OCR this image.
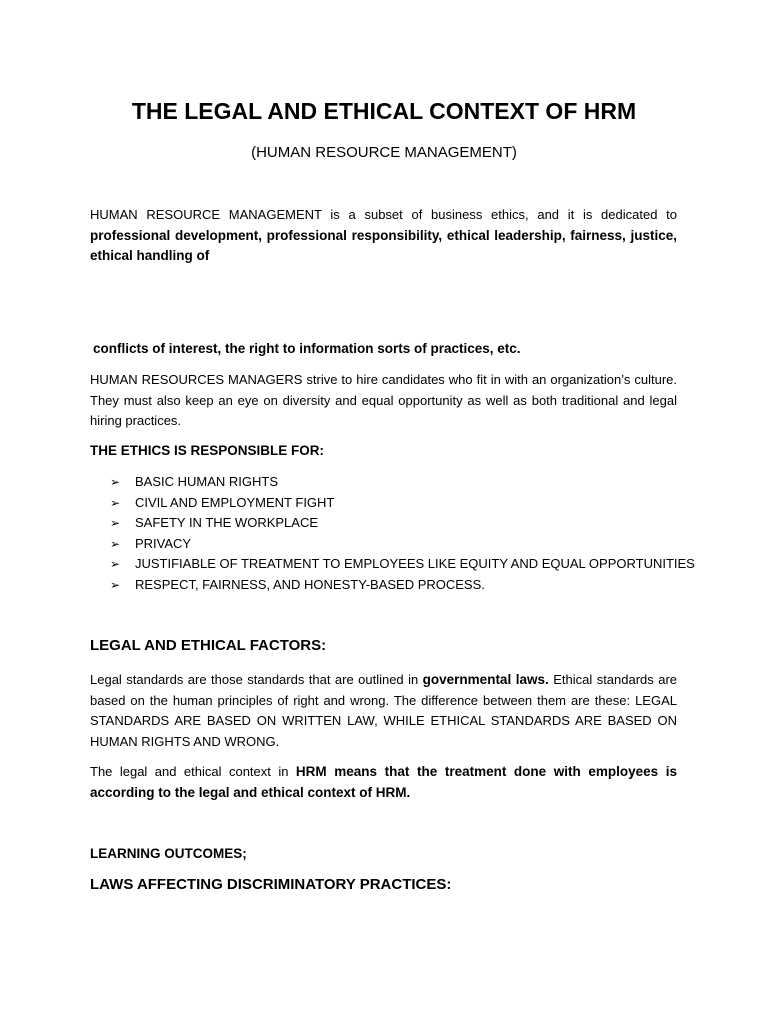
THE LEGAL AND ETHICAL CONTEXT OF HRM

(HUMAN RESOURCE MANAGEMENT)

HUMAN RESOURCE MANAGEMENT is a subset of business ethics, and it is dedicated to professional development, professional responsibility, ethical leadership, fairness, justice, ethical handling of

conflicts of interest, the right to information sorts of practices, etc.

HUMAN RESOURCES MANAGERS strive to hire candidates who fit in with an organization’s culture. They must also keep an eye on diversity and equal opportunity as well as both traditional and legal hiring practices.

THE ETHICS IS RESPONSIBLE FOR:

➢	BASIC HUMAN RIGHTS
➢	CIVIL AND EMPLOYMENT FIGHT
➢	SAFETY IN THE WORKPLACE
➢	PRIVACY
➢	JUSTIFIABLE OF TREATMENT TO EMPLOYEES LIKE EQUITY AND EQUAL OPPORTUNITIES
➢	RESPECT, FAIRNESS, AND HONESTY-BASED PROCESS.
LEGAL AND ETHICAL FACTORS:

Legal standards are those standards that are outlined in governmental laws. Ethical standards are based on the human principles of right and wrong. The difference between them are these: LEGAL STANDARDS ARE BASED ON WRITTEN LAW, WHILE ETHICAL STANDARDS ARE BASED ON HUMAN RIGHTS AND WRONG.

The legal and ethical context in HRM means that the treatment done with employees is according to the legal and ethical context of HRM.

LEARNING OUTCOMES;

LAWS AFFECTING DISCRIMINATORY PRACTICES:
